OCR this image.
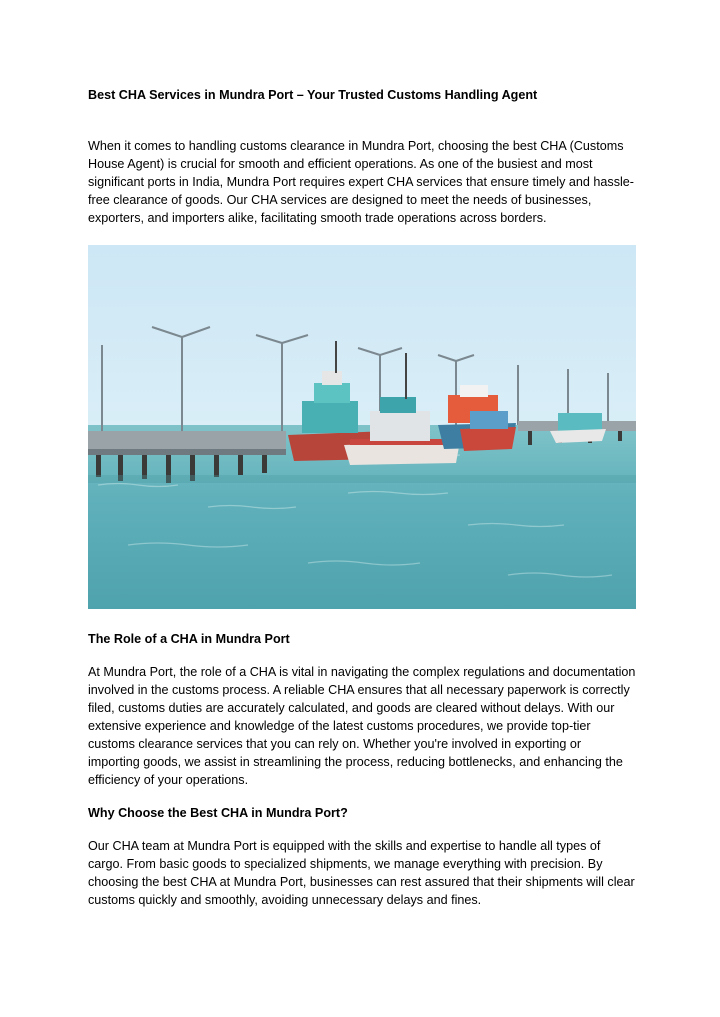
Best CHA Services in Mundra Port – Your Trusted Customs Handling Agent

When it comes to handling customs clearance in Mundra Port, choosing the best CHA (Customs House Agent) is crucial for smooth and efficient operations. As one of the busiest and most significant ports in India, Mundra Port requires expert CHA services that ensure timely and hassle-free clearance of goods. Our CHA services are designed to meet the needs of businesses, exporters, and importers alike, facilitating smooth trade operations across borders.

The Role of a CHA in Mundra Port

At Mundra Port, the role of a CHA is vital in navigating the complex regulations and documentation involved in the customs process. A reliable CHA ensures that all necessary paperwork is correctly filed, customs duties are accurately calculated, and goods are cleared without delays. With our extensive experience and knowledge of the latest customs procedures, we provide top-tier customs clearance services that you can rely on. Whether you're involved in exporting or importing goods, we assist in streamlining the process, reducing bottlenecks, and enhancing the efficiency of your operations.

Why Choose the Best CHA in Mundra Port?

Our CHA team at Mundra Port is equipped with the skills and expertise to handle all types of cargo. From basic goods to specialized shipments, we manage everything with precision. By choosing the best CHA at Mundra Port, businesses can rest assured that their shipments will clear customs quickly and smoothly, avoiding unnecessary delays and fines.
